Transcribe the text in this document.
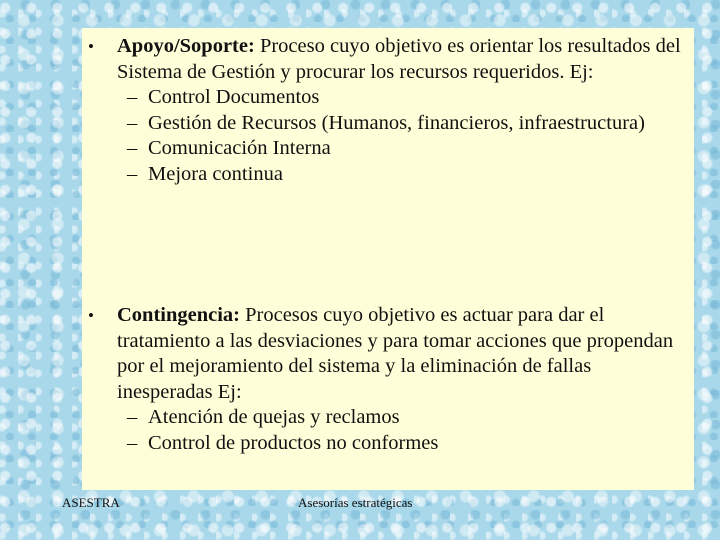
• Apoyo/Soporte: Proceso cuyo objetivo es orientar los resultados del Sistema de Gestión y procurar los recursos requeridos. Ej:
– Control Documentos
– Gestión de Recursos (Humanos, financieros, infraestructura)
– Comunicación Interna
– Mejora continua
• Contingencia: Procesos cuyo objetivo es actuar para dar el tratamiento a las desviaciones y para tomar acciones que propendan por el mejoramiento del sistema y la eliminación de fallas inesperadas Ej:
– Atención de quejas y reclamos
– Control de productos no conformes
ASESTRA	Asesorías estratégicas
